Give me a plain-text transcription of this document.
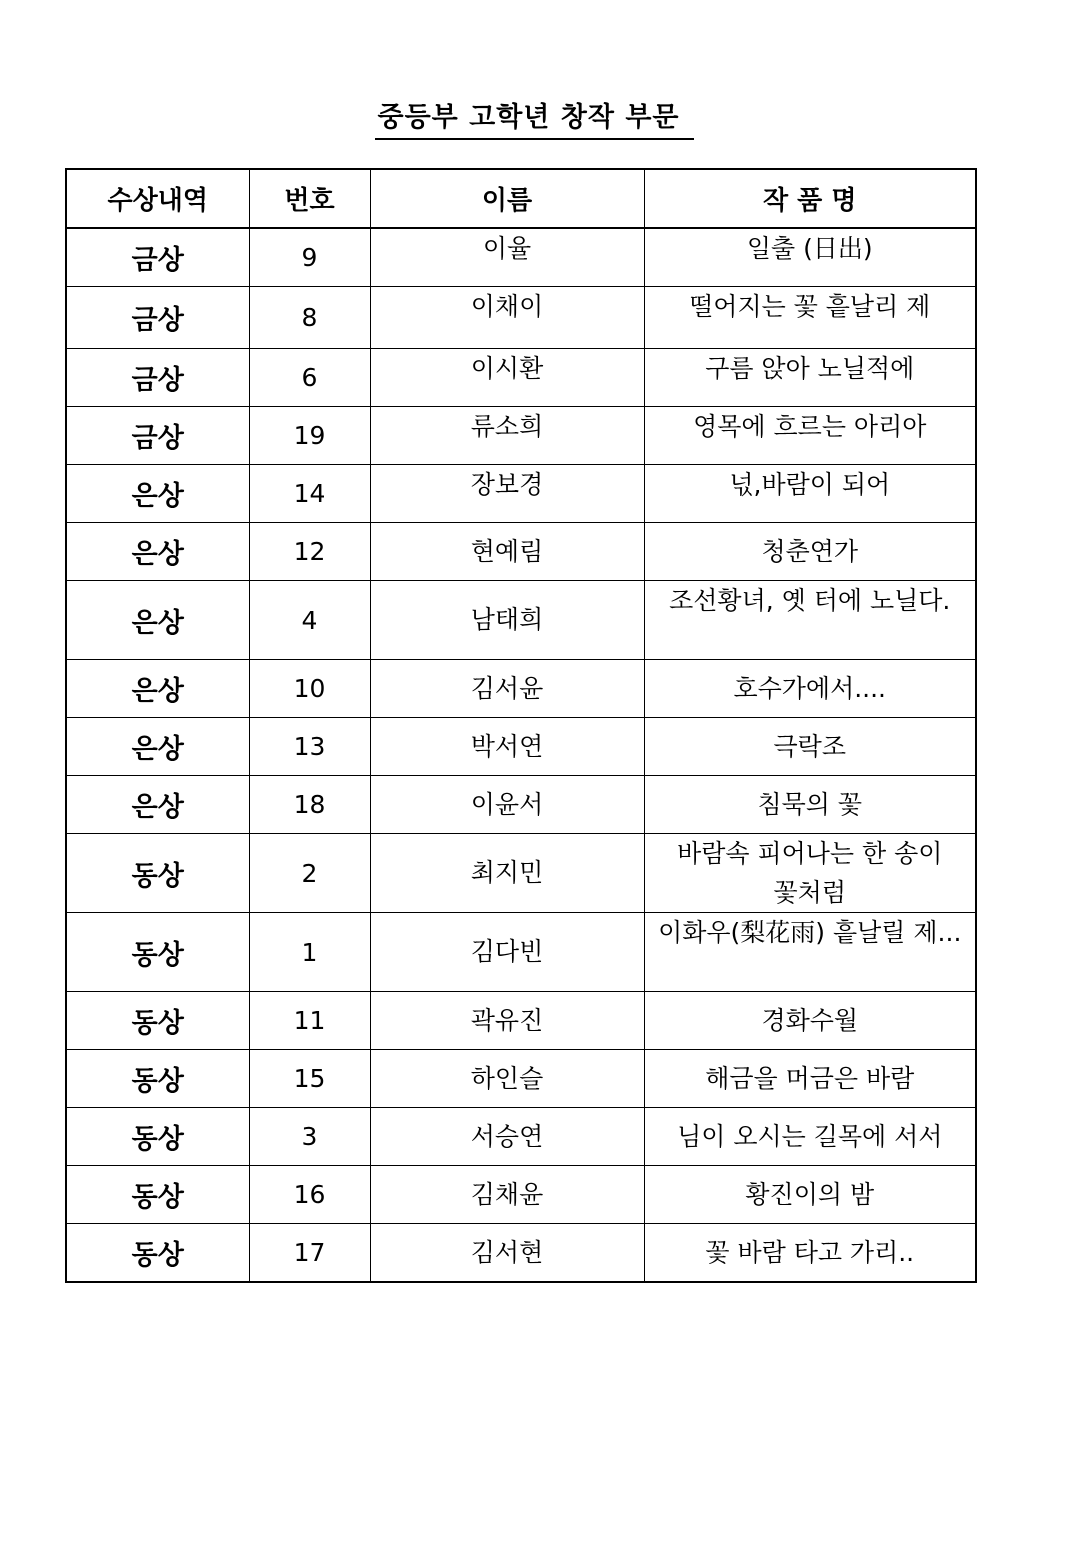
중등부 고학년 창작 부문
수상내역	번호	이름	작 품 명
금상	9	이율	일출 (日出)
금상	8	이채이	떨어지는 꽃 흩날리 제
금상	6	이시환	구름 앉아 노닐적에
금상	19	류소희	영목에 흐르는 아리아
은상	14	장보경	넋,바람이 되어
은상	12	현예림	청춘연가
은상	4	남태희	조선황녀, 옛 터에 노닐다.
은상	10	김서윤	호수가에서....
은상	13	박서연	극락조
은상	18	이윤서	침묵의 꽃
동상	2	최지민	바람속 피어나는 한 송이 꽃처럼
동상	1	김다빈	이화우(梨花雨) 흩날릴 제...
동상	11	곽유진	경화수월
동상	15	하인슬	해금을 머금은 바람
동상	3	서승연	님이 오시는 길목에 서서
동상	16	김채윤	황진이의 밤
동상	17	김서현	꽃 바람 타고 가리..
